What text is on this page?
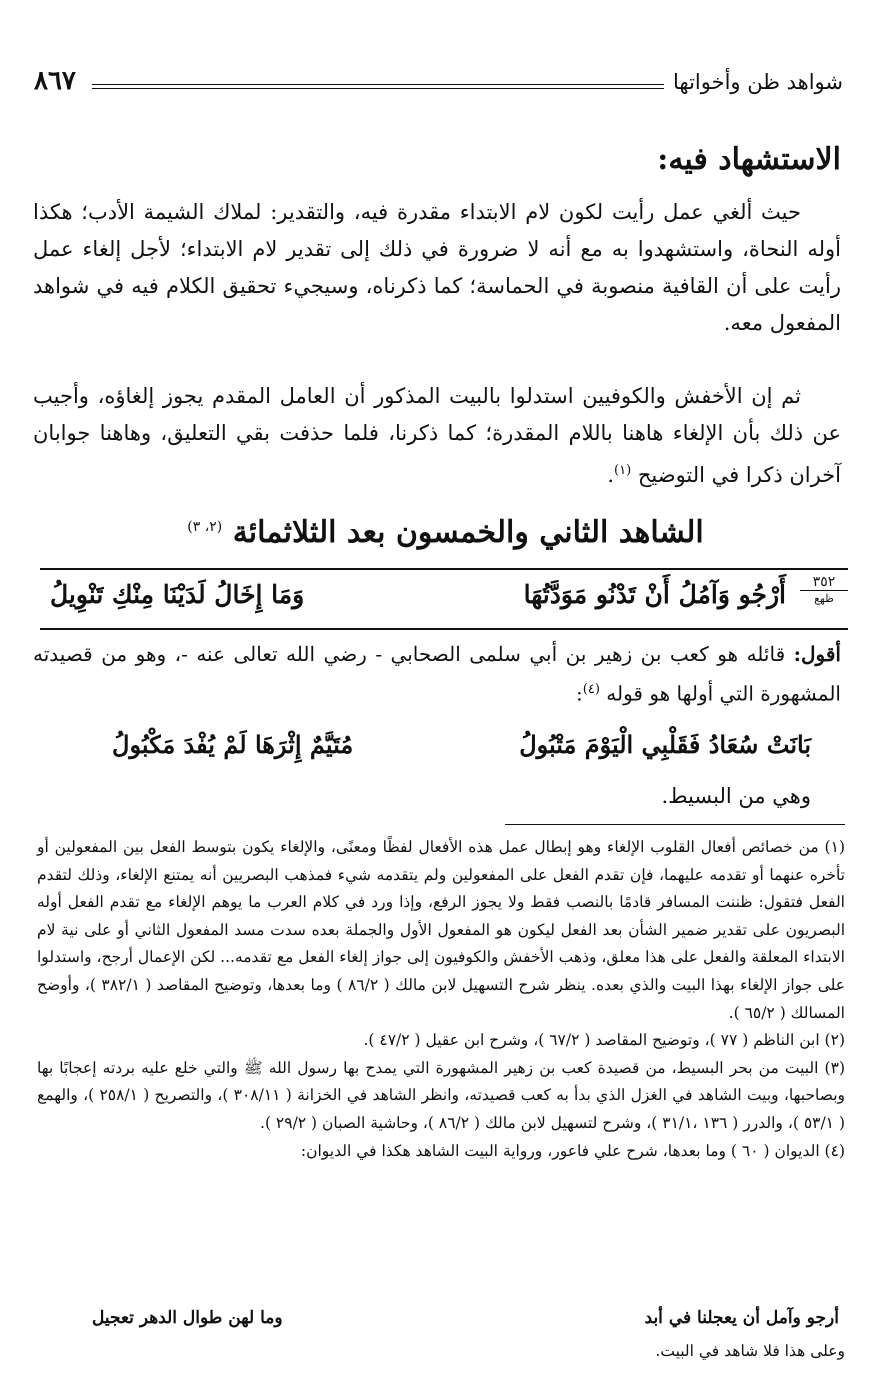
شواهد ظن وأخواتها
٨٦٧
الاستشهاد فيه:

حيث ألغي عمل رأيت لكون لام الابتداء مقدرة فيه، والتقدير: لملاك الشيمة الأدب؛ هكذا أوله النحاة، واستشهدوا به مع أنه لا ضرورة في ذلك إلى تقدير لام الابتداء؛ لأجل إلغاء عمل رأيت على أن القافية منصوبة في الحماسة؛ كما ذكرناه، وسيجيء تحقيق الكلام فيه في شواهد المفعول معه.

ثم إن الأخفش والكوفيين استدلوا بالبيت المذكور أن العامل المقدم يجوز إلغاؤه، وأجيب عن ذلك بأن الإلغاء هاهنا باللام المقدرة؛ كما ذكرنا، فلما حذفت بقي التعليق، وهاهنا جوابان آخران ذكرا في التوضيح $^{(١)}$.

الشاهد الثاني والخمسون بعد الثلاثمائة $^{(٢، ٣)}$
٣٥٢
ظهع
أَرْجُو وَآمُلُ أَنْ تَدْنُو مَوَدَّتُهَا
وَمَا إِخَالُ لَدَيْنَا مِنْكِ تَنْوِيلُ

أقول: قائله هو كعب بن زهير بن أبي سلمى الصحابي - رضي الله تعالى عنه -، وهو من قصيدته المشهورة التي أولها هو قوله $^{(٤)}$:

بَانَتْ سُعَادُ فَقَلْبِي الْيَوْمَ مَتْبُولُ
مُتَيَّمٌ إِثْرَهَا لَمْ يُفْدَ مَكْبُولُ
وهي من البسيط.

(١) من خصائص أفعال القلوب الإلغاء وهو إبطال عمل هذه الأفعال لفظًا ومعنًى، والإلغاء يكون بتوسط الفعل بين المفعولين أو تأخره عنهما أو تقدمه عليهما، فإن تقدم الفعل على المفعولين ولم يتقدمه شيء فمذهب البصريين أنه يمتنع الإلغاء، وذلك لتقدم الفعل فتقول: ظننت المسافر قادمًا بالنصب فقط ولا يجوز الرفع، وإذا ورد في كلام العرب ما يوهم الإلغاء مع تقدم الفعل أوله البصريون على تقدير ضمير الشأن بعد الفعل ليكون هو المفعول الأول والجملة بعده سدت مسد المفعول الثاني أو على نية لام الابتداء المعلقة والفعل على هذا معلق، وذهب الأخفش والكوفيون إلى جواز إلغاء الفعل مع تقدمه... لكن الإعمال أرجح، واستدلوا على جواز الإلغاء بهذا البيت والذي بعده. ينظر شرح التسهيل لابن مالك ( ٨٦/٢ ) وما بعدها، وتوضيح المقاصد ( ٣٨٢/١ )، وأوضح المسالك ( ٦٥/٢ ).

(٢) ابن الناظم ( ٧٧ )، وتوضيح المقاصد ( ٦٧/٢ )، وشرح ابن عقيل ( ٤٧/٢ ).

(٣) البيت من بحر البسيط، من قصيدة كعب بن زهير المشهورة التي يمدح بها رسول الله ﷺ والتي خلع عليه بردته إعجابًا بها وبصاحبها، وبيت الشاهد في الغزل الذي بدأ به كعب قصيدته، وانظر الشاهد في الخزانة ( ٣٠٨/١١ )، والتصريح ( ٢٥٨/١ )، والهمع ( ٥٣/١ )، والدرر ( ١٣٦ ،٣١/١ )، وشرح لتسهيل لابن مالك ( ٨٦/٢ )، وحاشية الصبان ( ٢٩/٢ ).

(٤) الديوان ( ٦٠ ) وما بعدها، شرح علي فاعور، ورواية البيت الشاهد هكذا في الديوان:

أرجو وآمل أن يعجلنا في أبد
وما لهن طوال الدهر تعجيل
وعلى هذا فلا شاهد في البيت.
